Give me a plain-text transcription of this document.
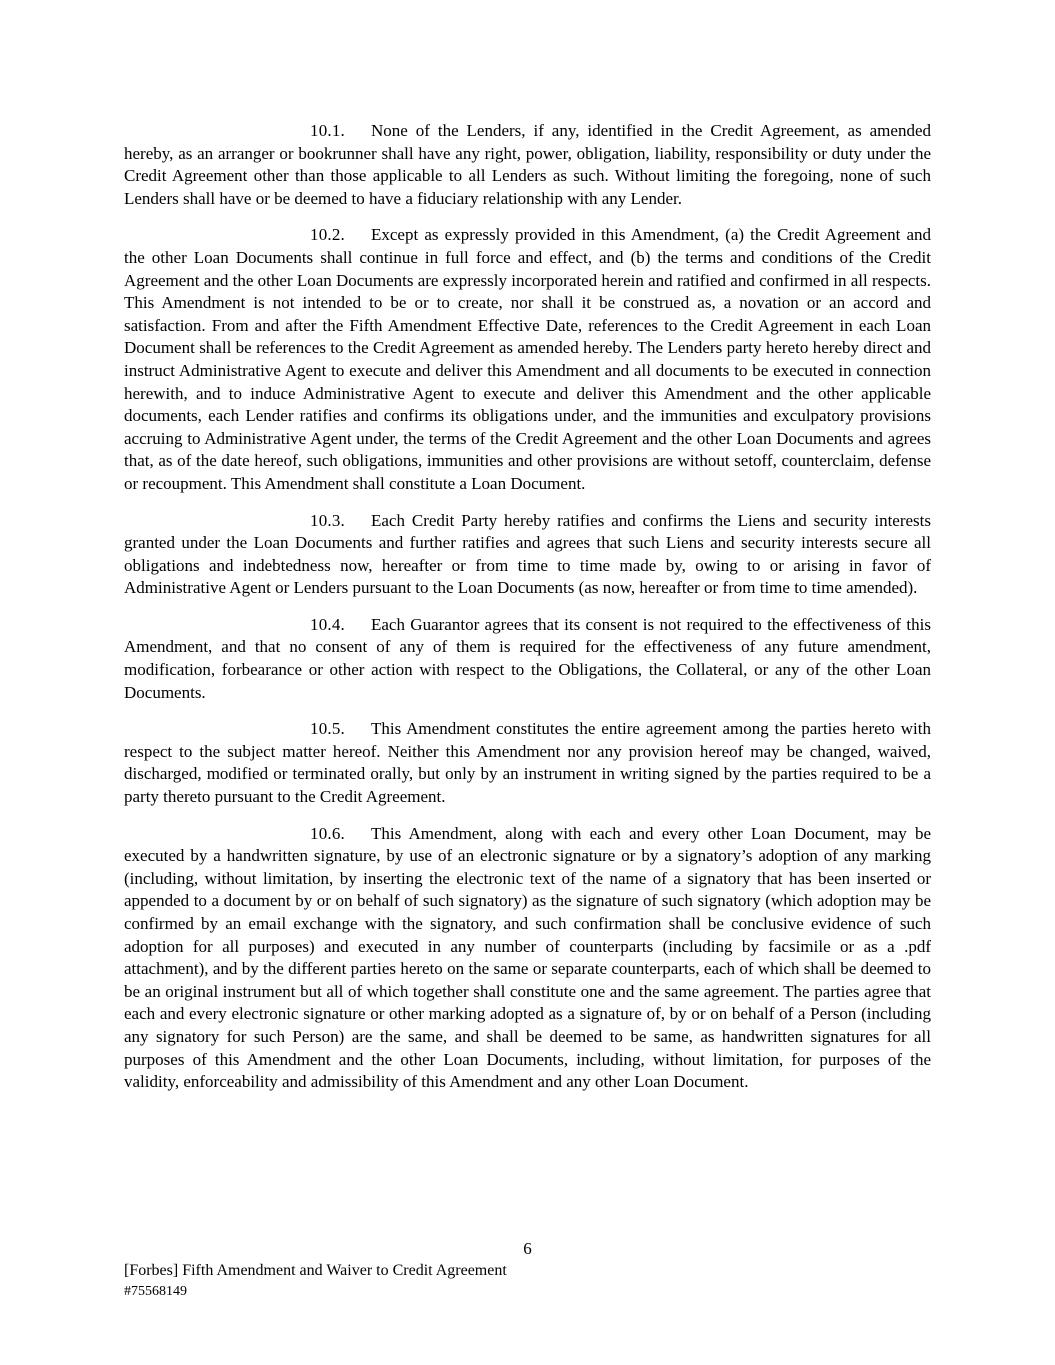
10.1. None of the Lenders, if any, identified in the Credit Agreement, as amended hereby, as an arranger or bookrunner shall have any right, power, obligation, liability, responsibility or duty under the Credit Agreement other than those applicable to all Lenders as such. Without limiting the foregoing, none of such Lenders shall have or be deemed to have a fiduciary relationship with any Lender.

10.2. Except as expressly provided in this Amendment, (a) the Credit Agreement and the other Loan Documents shall continue in full force and effect, and (b) the terms and conditions of the Credit Agreement and the other Loan Documents are expressly incorporated herein and ratified and confirmed in all respects. This Amendment is not intended to be or to create, nor shall it be construed as, a novation or an accord and satisfaction. From and after the Fifth Amendment Effective Date, references to the Credit Agreement in each Loan Document shall be references to the Credit Agreement as amended hereby. The Lenders party hereto hereby direct and instruct Administrative Agent to execute and deliver this Amendment and all documents to be executed in connection herewith, and to induce Administrative Agent to execute and deliver this Amendment and the other applicable documents, each Lender ratifies and confirms its obligations under, and the immunities and exculpatory provisions accruing to Administrative Agent under, the terms of the Credit Agreement and the other Loan Documents and agrees that, as of the date hereof, such obligations, immunities and other provisions are without setoff, counterclaim, defense or recoupment. This Amendment shall constitute a Loan Document.

10.3. Each Credit Party hereby ratifies and confirms the Liens and security interests granted under the Loan Documents and further ratifies and agrees that such Liens and security interests secure all obligations and indebtedness now, hereafter or from time to time made by, owing to or arising in favor of Administrative Agent or Lenders pursuant to the Loan Documents (as now, hereafter or from time to time amended).

10.4. Each Guarantor agrees that its consent is not required to the effectiveness of this Amendment, and that no consent of any of them is required for the effectiveness of any future amendment, modification, forbearance or other action with respect to the Obligations, the Collateral, or any of the other Loan Documents.

10.5. This Amendment constitutes the entire agreement among the parties hereto with respect to the subject matter hereof. Neither this Amendment nor any provision hereof may be changed, waived, discharged, modified or terminated orally, but only by an instrument in writing signed by the parties required to be a party thereto pursuant to the Credit Agreement.

10.6. This Amendment, along with each and every other Loan Document, may be executed by a handwritten signature, by use of an electronic signature or by a signatory’s adoption of any marking (including, without limitation, by inserting the electronic text of the name of a signatory that has been inserted or appended to a document by or on behalf of such signatory) as the signature of such signatory (which adoption may be confirmed by an email exchange with the signatory, and such confirmation shall be conclusive evidence of such adoption for all purposes) and executed in any number of counterparts (including by facsimile or as a .pdf attachment), and by the different parties hereto on the same or separate counterparts, each of which shall be deemed to be an original instrument but all of which together shall constitute one and the same agreement. The parties agree that each and every electronic signature or other marking adopted as a signature of, by or on behalf of a Person (including any signatory for such Person) are the same, and shall be deemed to be same, as handwritten signatures for all purposes of this Amendment and the other Loan Documents, including, without limitation, for purposes of the validity, enforceability and admissibility of this Amendment and any other Loan Document.

6
[Forbes] Fifth Amendment and Waiver to Credit Agreement
#75568149
